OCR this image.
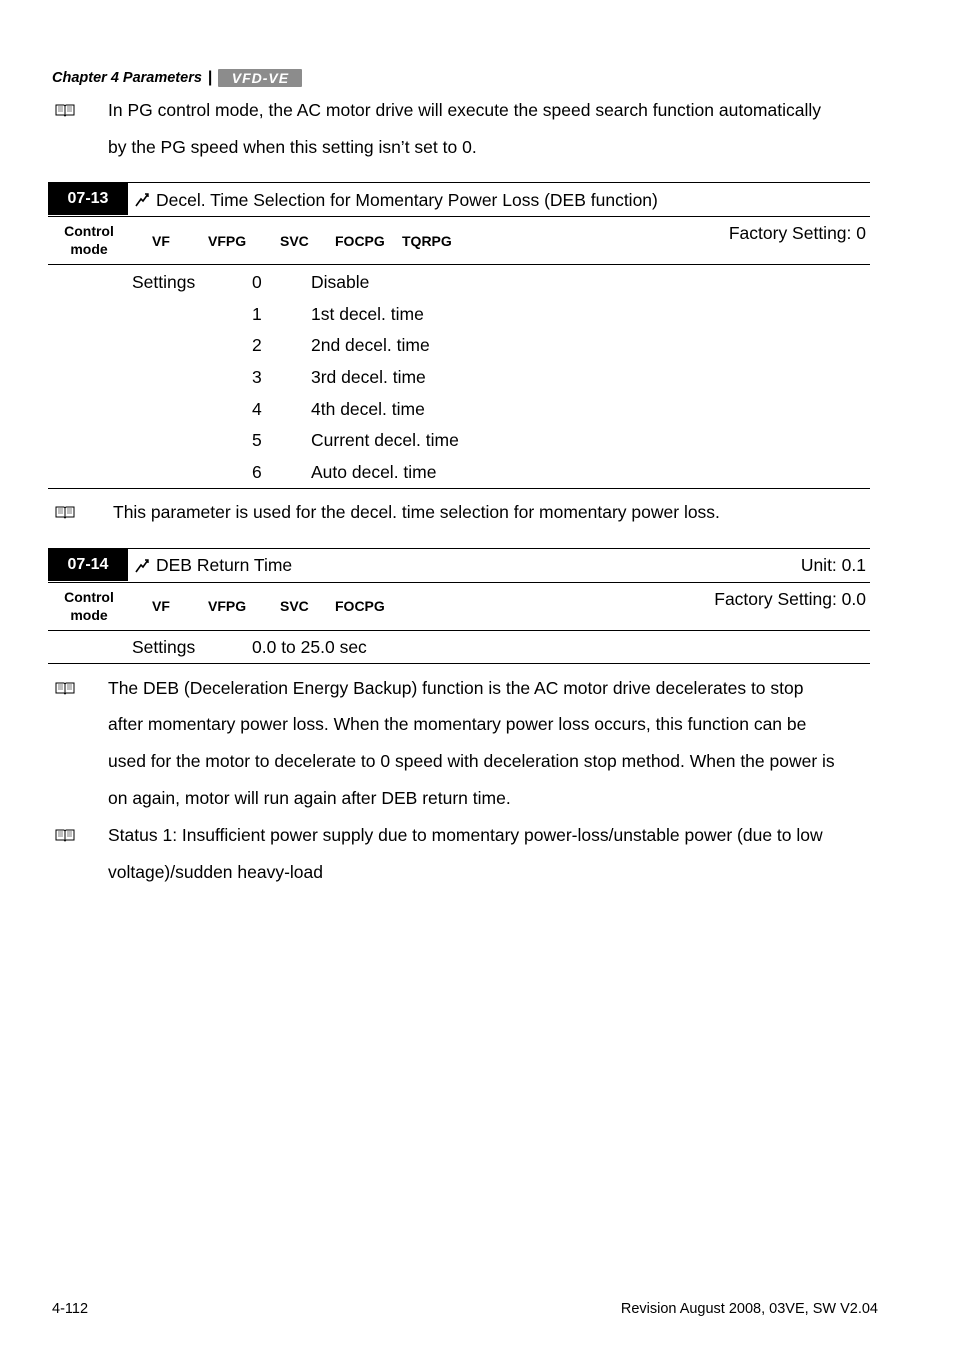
Chapter 4 Parameters | VFD-VE
In PG control mode, the AC motor drive will execute the speed search function automatically
by the PG speed when this setting isn’t set to 0.
07-13	Decel. Time Selection for Momentary Power Loss (DEB function)
Control
mode	VF	VFPG SVC FOCPG TQRPG	Factory Setting: 0
Settings	0	Disable
1	1st decel. time
2	2nd decel. time
3	3rd decel. time
4	4th decel. time
5	Current decel. time
6	Auto decel. time
This parameter is used for the decel. time selection for momentary power loss.
07-14	DEB Return Time	Unit: 0.1
Control
mode
VF	VFPG SVC FOCPG	Factory Setting: 0.0
Settings	0.0 to 25.0 sec
The DEB (Deceleration Energy Backup) function is the AC motor drive decelerates to stop
after momentary power loss. When the momentary power loss occurs, this function can be
used for the motor to decelerate to 0 speed with deceleration stop method. When the power is
on again, motor will run again after DEB return time.
Status 1: Insufficient power supply due to momentary power-loss/unstable power (due to low
voltage)/sudden heavy-load
4-112	Revision August 2008, 03VE, SW V2.04
